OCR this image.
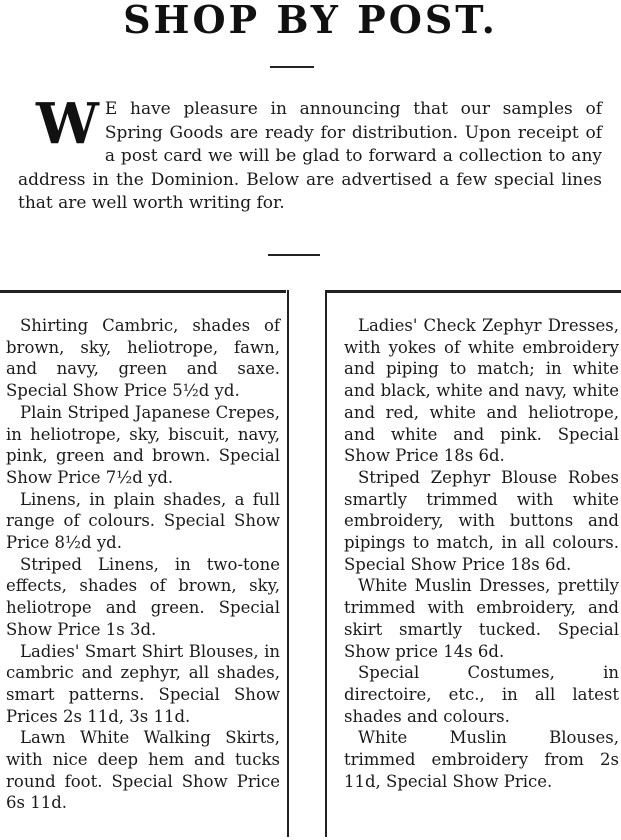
SHOP BY POST.
W E have pleasure in announcing that our samples of Spring Goods are ready for distribution. Upon receipt of a post card we will be glad to forward a collection to any address in the Dominion. Below are advertised a few special lines that are well worth writing for.

Shirting Cambric, shades of brown, sky, heliotrope, fawn, and navy, green and saxe. Special Show Price 5½d yd.

Plain Striped Japanese Crepes, in heliotrope, sky, biscuit, navy, pink, green and brown. Special Show Price 7½d yd.

Linens, in plain shades, a full range of colours. Special Show Price 8½d yd.

Striped Linens, in two-tone effects, shades of brown, sky, heliotrope and green. Special Show Price 1s 3d.

Ladies' Smart Shirt Blouses, in cambric and zephyr, all shades, smart patterns. Special Show Prices 2s 11d, 3s 11d.

Lawn White Walking Skirts, with nice deep hem and tucks round foot. Special Show Price 6s 11d.

Ladies' Check Zephyr Dresses, with yokes of white embroidery and piping to match; in white and black, white and navy, white and red, white and heliotrope, and white and pink. Special Show Price 18s 6d.

Striped Zephyr Blouse Robes smartly trimmed with white embroidery, with buttons and pipings to match, in all colours. Special Show Price 18s 6d.

White Muslin Dresses, prettily trimmed with embroidery, and skirt smartly tucked. Special Show price 14s 6d.

Special Costumes, in directoire, etc., in all latest shades and colours.

White Muslin Blouses, trimmed embroidery from 2s 11d, Special Show Price.
